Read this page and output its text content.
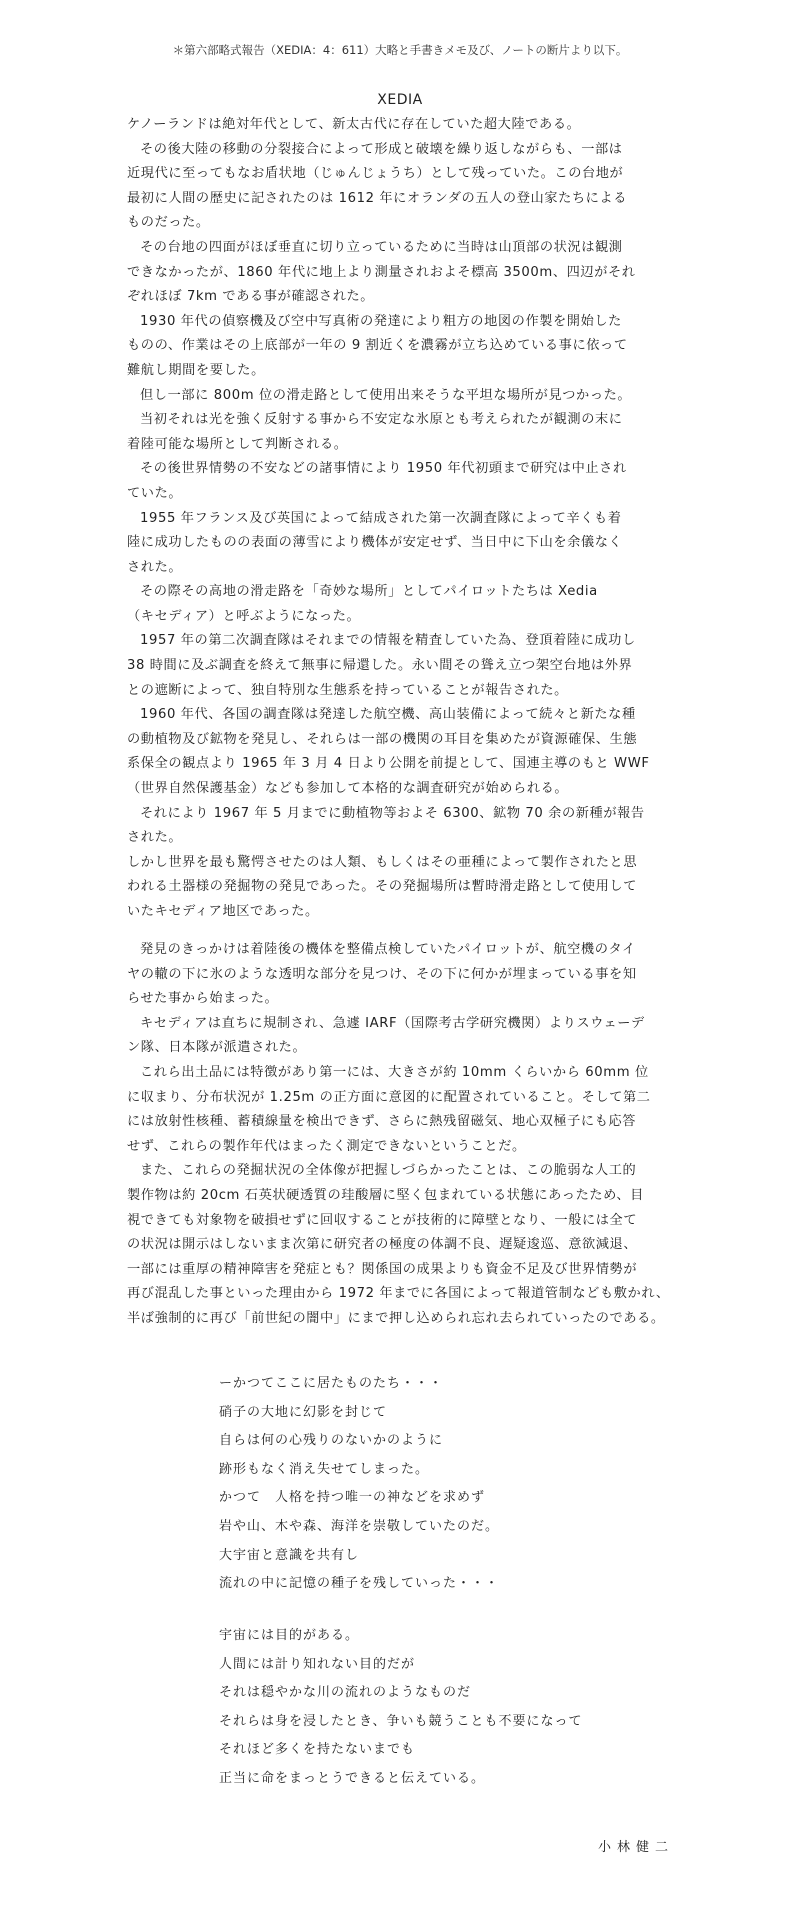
＊第六部略式報告（XEDIA：4：611）大略と手書きメモ及び、ノートの断片より以下。
XEDIA
ケノーランドは絶対年代として、新太古代に存在していた超大陸である。
その後大陸の移動の分裂接合によって形成と破壊を繰り返しながらも、一部は
近現代に至ってもなお盾状地（じゅんじょうち）として残っていた。この台地が
最初に人間の歴史に記されたのは 1612 年にオランダの五人の登山家たちによる
ものだった。
その台地の四面がほぼ垂直に切り立っているために当時は山頂部の状況は観測
できなかったが、1860 年代に地上より測量されおよそ標高 3500m、四辺がそれ
ぞれほぼ 7km である事が確認された。
1930 年代の偵察機及び空中写真術の発達により粗方の地図の作製を開始した
ものの、作業はその上底部が一年の 9 割近くを濃霧が立ち込めている事に依って
難航し期間を要した。
但し一部に 800m 位の滑走路として使用出来そうな平坦な場所が見つかった。
当初それは光を強く反射する事から不安定な氷原とも考えられたが観測の末に
着陸可能な場所として判断される。
その後世界情勢の不安などの諸事情により 1950 年代初頭まで研究は中止され
ていた。
1955 年フランス及び英国によって結成された第一次調査隊によって辛くも着
陸に成功したものの表面の薄雪により機体が安定せず、当日中に下山を余儀なく
された。
その際その高地の滑走路を「奇妙な場所」としてパイロットたちは Xedia
（キセディア）と呼ぶようになった。
1957 年の第二次調査隊はそれまでの情報を精査していた為、登頂着陸に成功し
38 時間に及ぶ調査を終えて無事に帰還した。永い間その聳え立つ架空台地は外界
との遮断によって、独自特別な生態系を持っていることが報告された。
1960 年代、各国の調査隊は発達した航空機、高山装備によって続々と新たな種
の動植物及び鉱物を発見し、それらは一部の機関の耳目を集めたが資源確保、生態
系保全の観点より 1965 年 3 月 4 日より公開を前提として、国連主導のもと WWF
（世界自然保護基金）なども参加して本格的な調査研究が始められる。
それにより 1967 年 5 月までに動植物等およそ 6300、鉱物 70 余の新種が報告
された。
しかし世界を最も驚愕させたのは人類、もしくはその亜種によって製作されたと思
われる土器様の発掘物の発見であった。その発掘場所は暫時滑走路として使用して
いたキセディア地区であった。
発見のきっかけは着陸後の機体を整備点検していたパイロットが、航空機のタイ
ヤの轍の下に氷のような透明な部分を見つけ、その下に何かが埋まっている事を知
らせた事から始まった。
キセディアは直ちに規制され、急遽 IARF（国際考古学研究機関）よりスウェーデ
ン隊、日本隊が派遣された。
これら出土品には特徴があり第一には、大きさが約 10mm くらいから 60mm 位
に収まり、分布状況が 1.25m の正方面に意図的に配置されていること。そして第二
には放射性核種、蓄積線量を検出できず、さらに熱残留磁気、地心双極子にも応答
せず、これらの製作年代はまったく測定できないということだ。
また、これらの発掘状況の全体像が把握しづらかったことは、この脆弱な人工的
製作物は約 20cm 石英状硬透質の珪酸層に堅く包まれている状態にあったため、目
視できても対象物を破損せずに回収することが技術的に障壁となり、一般には全て
の状況は開示はしないまま次第に研究者の極度の体調不良、遅疑逡巡、意欲減退、
一部には重厚の精神障害を発症とも？関係国の成果よりも資金不足及び世界情勢が
再び混乱した事といった理由から 1972 年までに各国によって報道管制なども敷かれ、
半ば強制的に再び「前世紀の闇中」にまで押し込められ忘れ去られていったのである。
ーかつてここに居たものたち・・・
硝子の大地に幻影を封じて
自らは何の心残りのないかのように
跡形もなく消え失せてしまった。
かつて　人格を持つ唯一の神などを求めず
岩や山、木や森、海洋を崇敬していたのだ。
大宇宙と意識を共有し
流れの中に記憶の種子を残していった・・・
宇宙には目的がある。
人間には計り知れない目的だが
それは穏やかな川の流れのようなものだ
それらは身を浸したとき、争いも競うことも不要になって
それほど多くを持たないまでも
正当に命をまっとうできると伝えている。
小林健二
